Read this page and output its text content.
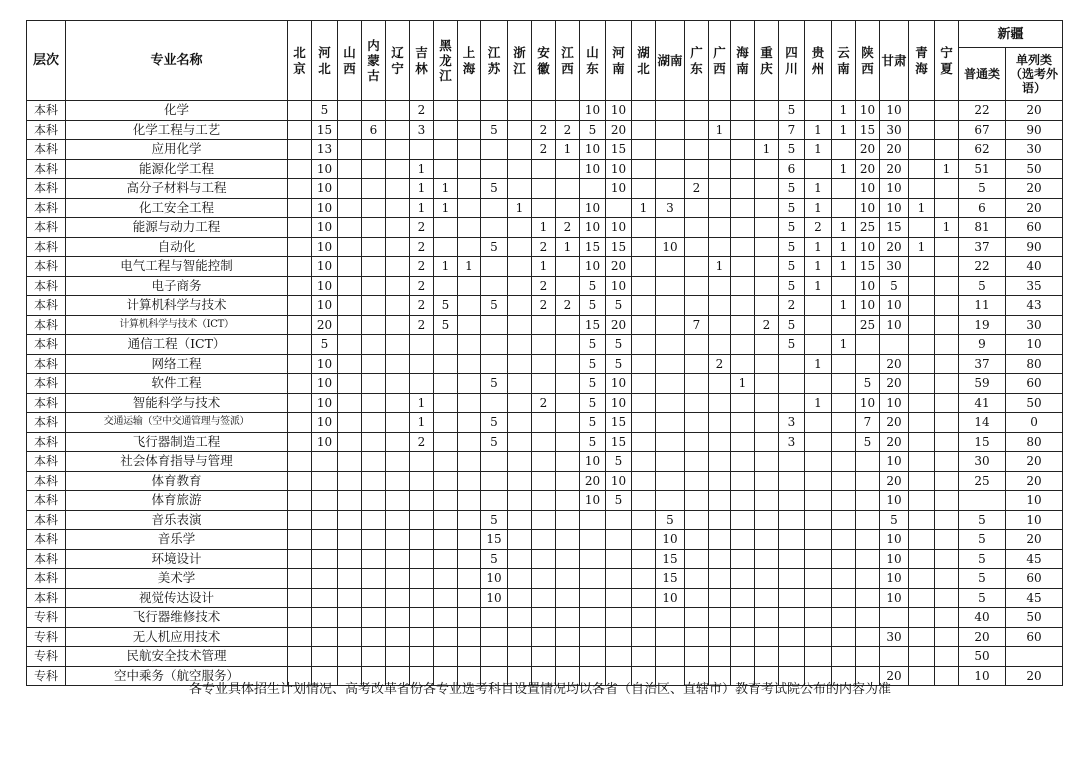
层次	专业名称	北京	河北	山西	内蒙古	辽宁	吉林	黑龙江	上海	江苏	浙江	安徽	江西	山东	河南	湖北	湖南	广东	广西	海南	重庆	四川	贵州	云南	陕西	甘肃	青海	宁夏	新疆	
																													普通类	单列类（选考外语）
本科	化学		5				2							10	10							5		1	10	10			22	20
本科	化学工程与工艺		15		6		3			5		2	2	5	20				1			7	1	1	15	30			67	90
本科	应用化学		13									2	1	10	15						1	5	1		20	20			62	30
本科	能源化学工程		10				1							10	10							6		1	20	20		1	51	50
本科	高分子材料与工程		10				1	1		5					10			2				5	1		10	10			5	20
本科	化工安全工程		10				1	1			1			10		1	3					5	1		10	10	1		6	20
本科	能源与动力工程		10				2					1	2	10	10							5	2	1	25	15		1	81	60
本科	自动化		10				2			5		2	1	15	15		10					5	1	1	10	20	1		37	90
本科	电气工程与智能控制		10				2	1	1			1		10	20				1			5	1	1	15	30			22	40
本科	电子商务		10				2					2		5	10							5	1		10	5			5	35
本科	计算机科学与技术		10				2	5		5		2	2	5	5							2		1	10	10			11	43
本科	计算机科学与技术（ICT）		20				2	5						15	20			7			2	5			25	10			19	30
本科	通信工程（ICT）		5											5	5							5		1					9	10
本科	网络工程		10											5	5				2				1			20			37	80
本科	软件工程		10							5				5	10					1					5	20			59	60
本科	智能科学与技术		10				1					2		5	10								1		10	10			41	50
本科	交通运输（空中交通管理与签派）		10				1			5				5	15							3			7	20			14	0
本科	飞行器制造工程		10				2			5				5	15							3			5	20			15	80
本科	社会体育指导与管理													10	5											10			30	20
本科	体育教育													20	10											20			25	20
本科	体育旅游													10	5											10				10
本科	音乐表演									5							5									5			5	10
本科	音乐学									15							10									10			5	20
本科	环境设计									5							15									10			5	45
本科	美术学									10							15									10			5	60
本科	视觉传达设计									10							10									10			5	45
专科	飞行器维修技术																												40	50
专科	无人机应用技术																									30			20	60
专科	民航安全技术管理																												50	
专科	空中乘务（航空服务）																									20			10	20
各专业具体招生计划情况、高考改革省份各专业选考科目设置情况均以各省（自治区、直辖市）教育考试院公布的内容为准
